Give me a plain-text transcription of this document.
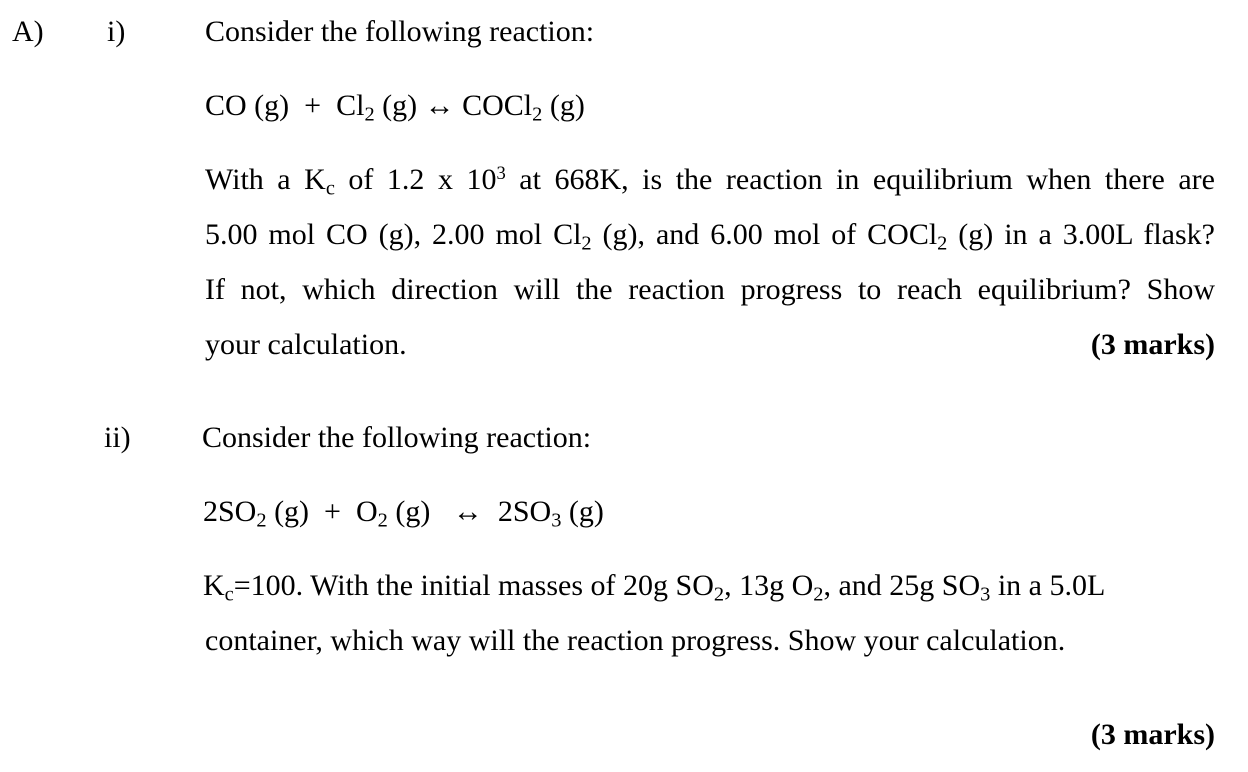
A) i)	Consider the following reaction:
CO $(g) + Cl_2$ (g) ↔ COCl$_2$ (g)
With a $K_c$ of 1.2 x $10^3$ at 668K, is the reaction in equilibrium when there are
5.00 mol CO (g), 2.00 mol $Cl_2$ (g), and 6.00 mol of COCl$_2$ (g) in a 3.00L flask?
If not, which direction will the reaction progress to reach equilibrium? Show
your calculation.	(3 marks)
ii) Consider the following reaction:
$2SO_2$ $(g) + O_2$ (g) ↔ $2SO_3$ (g)
$K_c=100$. With the initial masses of 20g $SO_2$, 13g $O_2$, and 25g $SO_3$ in a 5.0L
container, which way will the reaction progress. Show your calculation.
(3 marks)
